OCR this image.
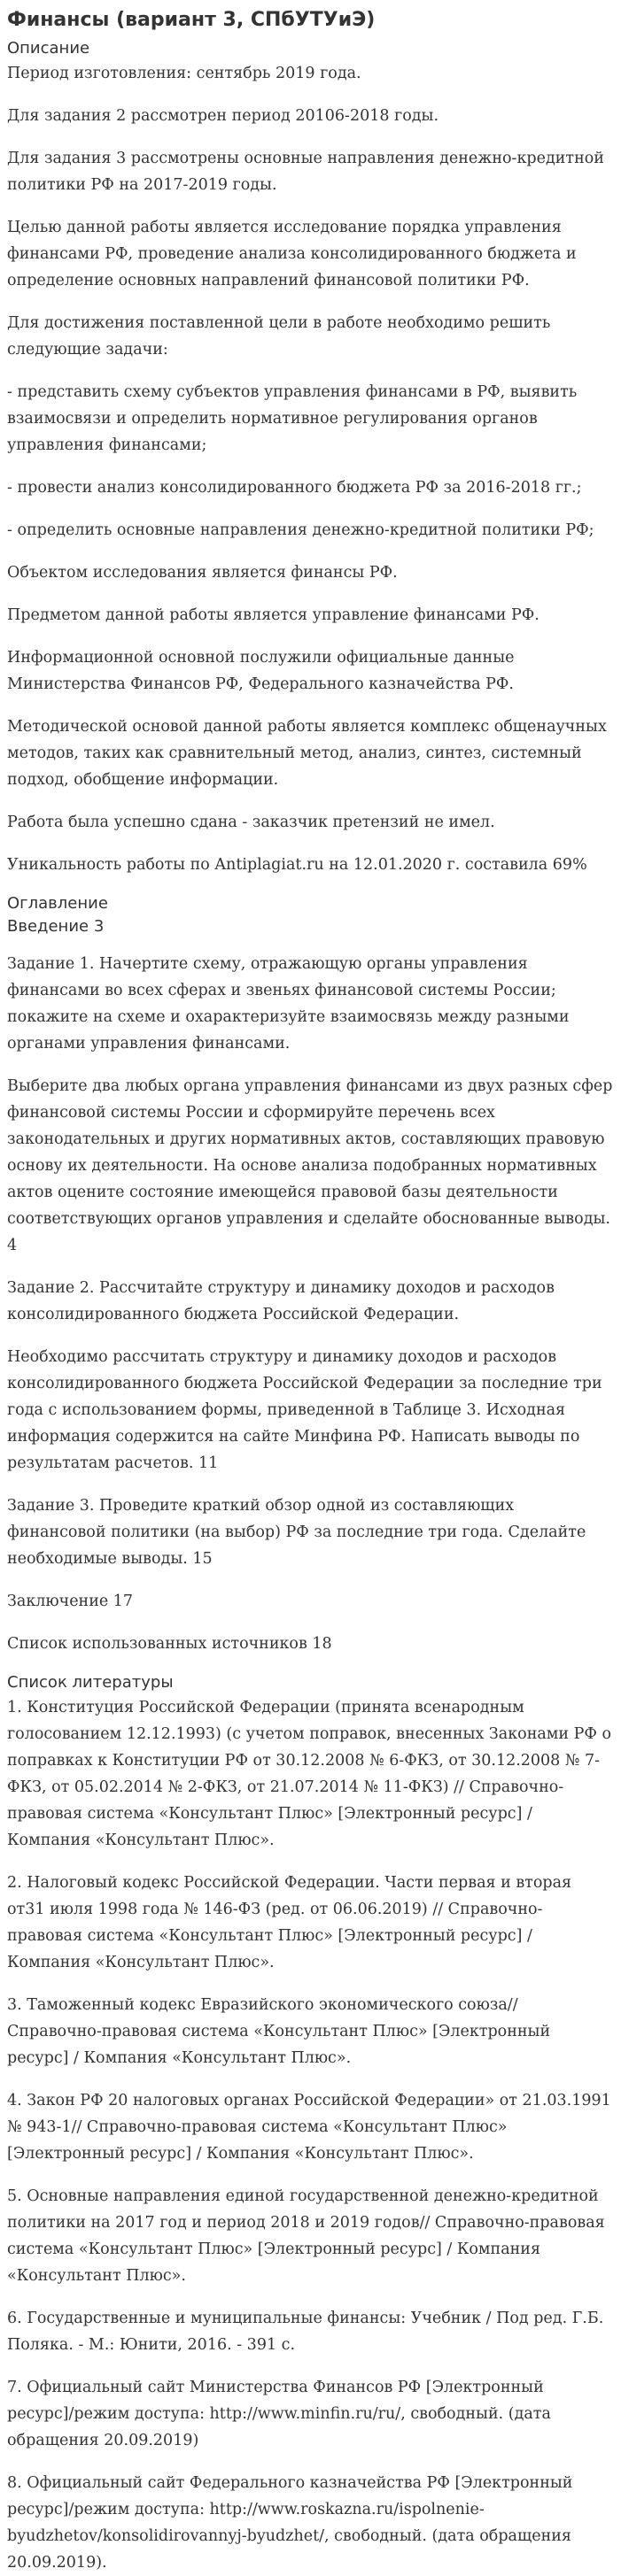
Финансы (вариант 3, СПбУТУиЭ)
Описание

Период изготовления: сентябрь 2019 года.

Для задания 2 рассмотрен период 20106-2018 годы.

Для задания 3 рассмотрены основные направления денежно-кредитной политики РФ на 2017-2019 годы.

Целью данной работы является исследование порядка управления финансами РФ, проведение анализа консолидированного бюджета и определение основных направлений финансовой политики РФ.

Для достижения поставленной цели в работе необходимо решить следующие задачи:

- представить схему субъектов управления финансами в РФ, выявить взаимосвязи и определить нормативное регулирования органов управления финансами;

- провести анализ консолидированного бюджета РФ за 2016-2018 гг.;

- определить основные направления денежно-кредитной политики РФ;

Объектом исследования является финансы РФ.

Предметом данной работы является управление финансами РФ.

Информационной основной послужили официальные данные Министерства Финансов РФ, Федерального казначейства РФ.

Методической основой данной работы является комплекс общенаучных методов, таких как сравнительный метод, анализ, синтез, системный подход, обобщение информации.

Работа была успешно сдана - заказчик претензий не имел.

Уникальность работы по Antiplagiat.ru на 12.01.2020 г. составила 69%

Оглавление
Введение 3

Задание 1. Начертите схему, отражающую органы управления финансами во всех сферах и звеньях финансовой системы России; покажите на схеме и охарактеризуйте взаимосвязь между разными органами управления финансами.

Выберите два любых органа управления финансами из двух разных сфер финансовой системы России и сформируйте перечень всех законодательных и других нормативных актов, составляющих правовую основу их деятельности. На основе анализа подобранных нормативных актов оцените состояние имеющейся правовой базы деятельности соответствующих органов управления и сделайте обоснованные выводы. 4

Задание 2. Рассчитайте структуру и динамику доходов и расходов консолидированного бюджета Российской Федерации.

Необходимо рассчитать структуру и динамику доходов и расходов консолидированного бюджета Российской Федерации за последние три года с использованием формы, приведенной в Таблице 3. Исходная информация содержится на сайте Минфина РФ. Написать выводы по результатам расчетов. 11

Задание 3. Проведите краткий обзор одной из составляющих финансовой политики (на выбор) РФ за последние три года. Сделайте необходимые выводы. 15

Заключение 17

Список использованных источников 18

Список литературы

1. Конституция Российской Федерации (принята всенародным голосованием 12.12.1993) (с учетом поправок, внесенных Законами РФ о поправках к Конституции РФ от 30.12.2008 № 6-ФКЗ, от 30.12.2008 № 7-ФКЗ, от 05.02.2014 № 2-ФКЗ, от 21.07.2014 № 11-ФКЗ) // Справочно-правовая система «Консультант Плюс» [Электронный ресурс] / Компания «Консультант Плюс».

2. Налоговый кодекс Российской Федерации. Части первая и вторая от31 июля 1998 года № 146-ФЗ (ред. от 06.06.2019) // Справочно-правовая система «Консультант Плюс» [Электронный ресурс] / Компания «Консультант Плюс».

3. Таможенный кодекс Евразийского экономического союза// Справочно-правовая система «Консультант Плюс» [Электронный ресурс] / Компания «Консультант Плюс».

4. Закон РФ 20 налоговых органах Российской Федерации» от 21.03.1991 № 943-1// Справочно-правовая система «Консультант Плюс» [Электронный ресурс] / Компания «Консультант Плюс».

5. Основные направления единой государственной денежно-кредитной политики на 2017 год и период 2018 и 2019 годов// Справочно-правовая система «Консультант Плюс» [Электронный ресурс] / Компания «Консультант Плюс».

6. Государственные и муниципальные финансы: Учебник / Под ред. Г.Б. Поляка. - М.: Юнити, 2016. - 391 с.

7. Официальный сайт Министерства Финансов РФ [Электронный ресурс]/режим доступа: http://www.minfin.ru/ru/, свободный. (дата обращения 20.09.2019)

8. Официальный сайт Федерального казначейства РФ [Электронный ресурс]/режим доступа: http://www.roskazna.ru/ispolnenie-byudzhetov/konsolidirovannyj-byudzhet/, свободный. (дата обращения 20.09.2019).
